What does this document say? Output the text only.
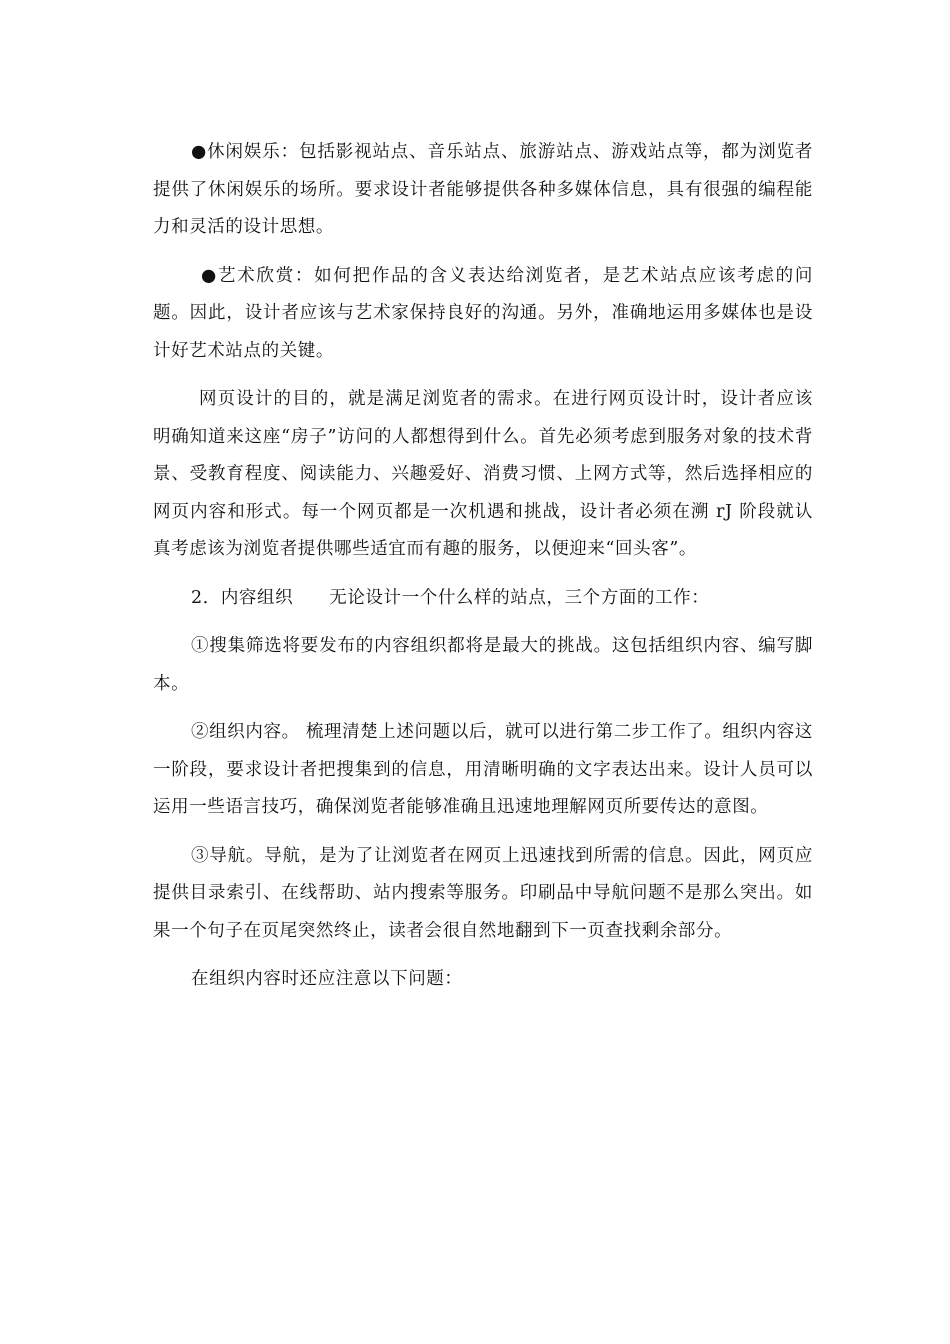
●休闲娱乐：包括影视站点、音乐站点、旅游站点、游戏站点等，都为浏览者提供了休闲娱乐的场所。要求设计者能够提供各种多媒体信息，具有很强的编程能力和灵活的设计思想。

●艺术欣赏：如何把作品的含义表达给浏览者，是艺术站点应该考虑的问题。因此，设计者应该与艺术家保持良好的沟通。另外，准确地运用多媒体也是设计好艺术站点的关键。

网页设计的目的，就是满足浏览者的需求。在进行网页设计时，设计者应该明确知道来这座“房子”访问的人都想得到什么。首先必须考虑到服务对象的技术背景、受教育程度、阅读能力、兴趣爱好、消费习惯、上网方式等，然后选择相应的网页内容和形式。每一个网页都是一次机遇和挑战，设计者必须在溯 rJ 阶段就认真考虑该为浏览者提供哪些适宜而有趣的服务，以便迎来“回头客”。

2．内容组织 无论设计一个什么样的站点，三个方面的工作：

①搜集筛选将要发布的内容组织都将是最大的挑战。这包括组织内容、编写脚本。

②组织内容。 梳理清楚上述问题以后，就可以进行第二步工作了。组织内容这一阶段，要求设计者把搜集到的信息，用清晰明确的文字表达出来。设计人员可以运用一些语言技巧，确保浏览者能够准确且迅速地理解网页所要传达的意图。

③导航。导航，是为了让浏览者在网页上迅速找到所需的信息。因此，网页应提供目录索引、在线帮助、站内搜索等服务。印刷品中导航问题不是那么突出。如果一个句子在页尾突然终止，读者会很自然地翻到下一页查找剩余部分。

在组织内容时还应注意以下问题：
